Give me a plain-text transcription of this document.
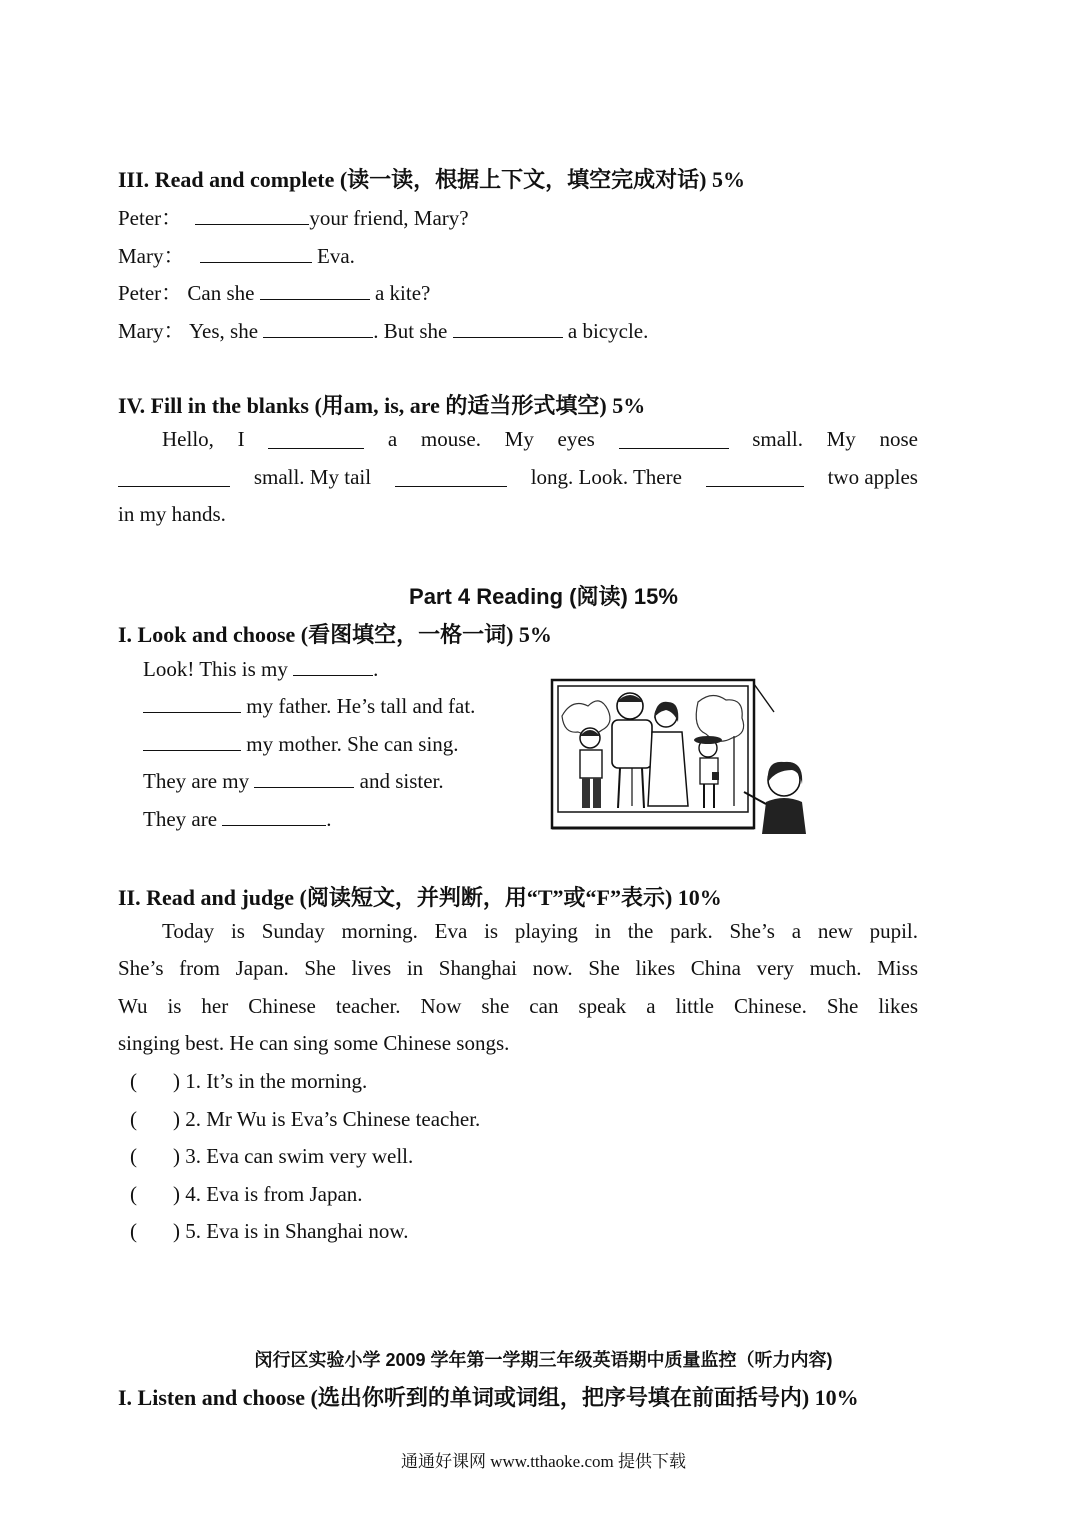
III. Read and complete (读一读，根据上下文，填空完成对话) 5%
Peter：	your friend, Mary?
Mary：	Eva.
Peter： Can she	a kite?
Mary： Yes, she	. But she	a bicycle.
IV. Fill in the blanks (用am, is, are 的适当形式填空) 5%
Hello, I	a mouse. My eyes	small. My nose
small. My tail	long. Look. There	two apples
in my hands.
Part 4 Reading (阅读) 15%
I. Look and choose (看图填空，一格一词) 5%
Look! This is my	.
my father. He’s tall and fat.
my mother. She can sing.
They are my	and sister.
They are	.
II. Read and judge (阅读短文，并判断，用“T”或“F”表示) 10%
Today is Sunday morning. Eva is playing in the park. She’s a new pupil.
She’s from Japan. She lives in Shanghai now. She likes China very much. Miss
Wu is her Chinese teacher. Now she can speak a little Chinese. She likes
singing best. He can sing some Chinese songs.
( ) 1. It’s in the morning.
( ) 2. Mr Wu is Eva’s Chinese teacher.
( ) 3. Eva can swim very well.
( ) 4. Eva is from Japan.
( ) 5. Eva is in Shanghai now.
闵行区实验小学 2009 学年第一学期三年级英语期中质量监控（听力内容)
I. Listen and choose (选出你听到的单词或词组，把序号填在前面括号内) 10%
通通好课网 www.tthaoke.com 提供下载
